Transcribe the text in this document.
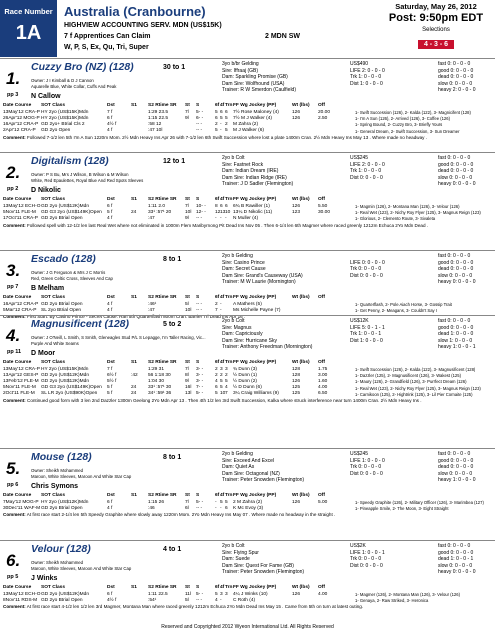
Race Number
1A
Australia (Cranbourne)
HIGHVIEW ACCOUNTING SERV. MDN (US$15K)
7 f Apprentices Can Claim	2 MDN SW
W, P, S, Ex, Qu, Tri, Super
Saturday, May 26, 2012
Post: 9:50pm EDT
Selections
4 - 3 - 6
1.
pp 3
Cuzzy Bro (NZ) (128)	30 to 1
Owner: J I Kimball & D J Cannon
Aquarelle Blue, White Collar, Cuffs And Peak
N Callow
3yo b/br Gelding
Sire: Iffraaj (GB)
Dam: Sparkling Promise (GB)
Dam Sire: Wolfhound (USA)
Trainer: R W Smerdon (Caulfield)
US$490
LIFE 2: 0 - 0 - 0
Trk 1: 0 - 0 - 0
Dist 1: 0 - 0 - 0
fast 0: 0 - 0 - 0
good 0: 0 - 0 - 0
dead 0: 0 - 0 - 0
slow 0: 0 - 0 - 0
heavy 2: 0 - 0 - 0
Date Course SOT Class	Dst	S1 S2 Rtime SR St S	6f 4f Trn FF Wg Jockey (PP)	Wt (lbs) Off
13May'12 CRA-P HY 2yo (US$15K)Mdn	7 f	1:29 23.5	7l 5- - 5 6 6 7½ Rose Maloney (4)	126	20.00	1- Swift Succession (126), 2- Kalda (122), 3- Magnicifent (128)
26Apr'12 MOG-P HY 2yo (US$15K)Mdn	6 f	1:15 22.5	9l 6- - 6 5 5 7½ M J Walker (4)	126	2.50	1- I'm A Sun (126), 2- Arrived (126), 3- Coffee (126)
16Apr'12 CRA-P GD 2yo+ Btrial Cls 2	4½ f	:58 12	-- -	2 - 2 M Zahra (2)	1- Spring Bound, 2- Cuzzy Bro, 3- Briefly Yours
2Apr'12 CRA-P GD 2yo Open	4 f	:47 10l	-- -	5 - 5 M J Walker (6)	1- General Dream, 2- Swift Succession, 3- Sun Dreamer
Comment: Followed 7-1/2 len 5th I'm A Sun 1220m Mom. 2½ Mdn Heavy Ins Apr 26 with 7-1/2 len 6th Swift Succession where lost a plate 1400m Cran. 2½ Mdn Heavy Ins May 13 . Where made no headway .
2.
pp 2
Digitalism (128)	12 to 1
Owner: P S Bu, Mrs J Wilson, B Wilson & M Wilson
White, Red Epaulettes, Royal Blue And Red Spots Sleeves
D Nikolic
2yo b Colt
Sire: Fastnet Rock
Dam: Indian Dream (IRE)
Dam Sire: Indian Ridge (IRE)
Trainer: J D Sadler (Flemington)
US$245
LIFE 2: 0 - 0 - 0
Trk 1: 0 - 0 - 0
Dist 0: 0 - 0 - 0
fast 0: 0 - 0 - 0
good 0: 0 - 0 - 0
dead 0: 0 - 0 - 0
slow 0: 0 - 0 - 0
heavy 0: 0 - 0 - 0
Date Course SOT Class	Dst	S1 S2 Rtime SR St S	6f 4f Trn FF Wg Jockey (PP)	Wt (lbs) Off
13May'12 ECH-O GD 2yo (US$12K)Mdn	6 f	1:11 2.0	7l 10- - 8 6 6 6¾ B Rawiller (1)	126	5.50	1- Magmin (126), 2- Montana Man (126), 3- Velour (126)
5Nov'11 FLE-M GD G3 2yo (US$149K)Open 5 f	24 33¹ :57¹ 20	10l 12- - 12 13 10 13¼ D Nikolic (11)	123	30.00	1- Real Wet (123), 2- Nichy Roy Flyer (125), 3- Magnus Reign (123)
17Oct'11 CRA-P GD 2yo Btrial Open	4 f	:47	9l -- -	- - - N Muller (4)	1- Glorious, 2- Clemento Route, 3- Sivaleta
Comment: Followed spell with 12-1/2 len last Real Wet where not eliminated in 1000m Flem Maribyrnong Pit Dead Ins Nov 05 . Then 6-1/4 len 6th Magmer where raced greenly 1212m Echuca 2Yo Mdn Dead .
3.
pp 7
Escado (128)	8 to 1
Owner: J G Ferguson & Mrs J C Morris
Red, Green Celtic Cross, Sleeves And Cap
B Melham
2yo b Gelding
Sire: Casino Prince
Dam: Secret Cause
Dam Sire: Grand's Causeway (USA)
Trainer: M W Laurie (Mornington)
LIFE 0: 0 - 0 - 0
Trk 0: 0 - 0 - 0
Dist 0: 0 - 0 - 0
fast 0: 0 - 0 - 0
good 0: 0 - 0 - 0
dead 0: 0 - 0 - 0
slow 0: 0 - 0 - 0
heavy 0: 0 - 0 - 0
Date Course SOT Class	Dst	S1 S2 Rtime SR St S	6f 4f Trn FF Wg Jockey (PP)	Wt (lbs) Off
16Apr'12 CRA-P GD 2yo Btrial Open	4 f	:46¹	5l -- -	2 - A Mathers (5)	1- Quarterflash, 2- Pole Aiach Horse, 3- Gossip Trait
5Mar'12 CRA-P SL 2yo Btrial Open	4 f	:47	10l -- -	7 - Ms Michelle Payne (7)	1- Get Penny, 2- Meagans, 3- Couldn't Say I
Comment: First Start. By Casino Prince - Secret Cause. Ran 5th Quarterflash 800m Cran. Barrier Trl Dead Ins Apr 16 .
4.
pp 11
Magnusificent (128)	5 to 2
Owner: J O'Neill, L Smith, S Smith, Gleneagles Stud P/L S Lepagge, I'm Taller Racing, Vic...
Purple And White Seams
D Moor
2yo b Colt
Sire: Magnus
Dam: Capriciously
Dam Sire: Hurricane Sky
Trainer: Anthony Freedman (Mornington)
US$12K
LIFE 5: 0 - 1 - 1
Trk 1: 0 - 0 - 1
Dist 1: 0 - 0 - 0
fast 0: 0 - 0 - 0
good 0: 0 - 0 - 0
dead 1: 0 - 0 - 0
slow 1: 0 - 0 - 0
heavy 1: 0 - 0 - 1
Date Course SOT Class	Dst	S1 S2 Rtime SR St S	6f 4f Trn FF Wg Jockey (PP)	Wt (lbs) Off
13May'12 CRA-P HY 2yo (US$15K)Mdn	7 f	1:29 31	7l 3- - 2 3 3 ¾ Dunn (3)	128	1.75	1- Swift Succession (126), 2- Kalda (122), 3- Magnusificent (128)
13Apr'12 GES-P GD 2yo (US$12K)Mdn	6½ f	:42 56 1:18 30	8l 3- - 2 2 2 ½ Dunn (1)	128	3.00	1- Dazzler (125), 2- Magnusificent (126), 3- Wakest (125)
13Feb'12 FLE-M GD 2yo (US$12K)Mdn	5½ f	1:04 30	9l 3- - 4 5 5 ½ Dunn (2)	126	1.60	1- Maury (126), 2- Grandfield (126), 3- Purrfect Dream (126)
5Nov'11 FLE-M GD G3 2yo (US$149K)Open 5 f	24 33¹ :57¹ 30	16l 7- - 6 5 4 ½ D Dunn (6)	125	4.00	1- Real Wet (123), 2- Nichy Roy Flyer (125), 3- Magnus Reign (123)
2Oct'11 FLE-M SL LR 2yo (US$90K)Open 5 f	24 34¹ :59¹ 36	13l 5- - 5 10 7 3¼ Craig Williams (9)	125	6.50	1- Carnikoon (125), 2- Hightrink (125), 3- Lil Pier Cornaite (125)
Comment: Continued good form with 3 len 2nd Dazzler 1300m Geelong 2Yo Mdn Apr 13 . Then 4th 1/2 len 3rd Swift Succession, Kalka where struck interference near turn 1400m Cran. 2½ Mdn Heavy Ins .
5.
pp 6
Mouse (128)	8 to 1
Owner: Sheikh Mohammed
Maroon, White Sleeves, Maroon And White Star Cap
Chris Symons
2yo b Gelding
Sire: Exceed And Excel
Dam: Quiet As
Dam Sire: Octagonal (NZ)
Trainer: Peter Snowden (Flemington)
US$245
LIFE 1: 0 - 0 - 0
Trk 0: 0 - 0 - 0
Dist 0: 0 - 0 - 0
fast 0: 0 - 0 - 0
good 0: 0 - 0 - 0
dead 0: 0 - 0 - 0
slow 0: 0 - 0 - 0
heavy 1: 0 - 0 - 0
Date Course SOT Class	Dst	S1 S2 Rtime SR St S	6f 4f Trn FF Wg Jockey (PP)	Wt (lbs) Off
7May'12 MOG-P HY 2yo (US$12K)Mdn	6 f	1:15 26	7l 5- - - 5 5 2 M Zahra (2)	126	5.00	1- Speedy Graphite (126), 2- Military Officer (126), 3- Marimbea (127)
30Dec'11 WAF-M GD 2yo Btrial Open	4 f	:46	6l -- -	- - 6 K Mc Evoy (3)	1- Pineapple Smile, 2- The Moon, 3- Eight Straight
Comment: At first race start 2-1/4 len 5th Speedy Graphite where slowly away 1220m Mom. 2Yo Mdn Heavy Ins May 07 . Where made no headway in the straight .
6.
pp 5
Velour (128)	4 to 1
Owner: Sheikh Mohammed
Maroon, White Sleeves, Maroon And White Star Cap
J Winks
2yo b Colt
Sire: Flying Spur
Dam: Suede
Dam Sire: Quest For Fame (GB)
Trainer: Peter Snowden (Flemington)
US$2K
LIFE 1: 0 - 0 - 1
Trk 0: 0 - 0 - 0
Dist 0: 0 - 0 - 0
fast 0: 0 - 0 - 0
good 0: 0 - 0 - 0
dead 1: 0 - 0 - 1
slow 0: 0 - 0 - 0
heavy 0: 0 - 0 - 0
Date Course SOT Class	Dst	S1 S2 Rtime SR St S	6f 4f Trn FF Wg Jockey (PP)	Wt (lbs) Off
13May'12 ECH-O GD 2yo (US$12K)Mdn	6 f	1:11 22.5	11l 5- - 5 3 3 4¼ J Winks (10)	126	4.00	1- Magmer (126), 2- Montana Man (126), 3- Velour (126)
8Nov'11 RDS-M GD 2yo Btrial Open	4½ f	:54¹	5l -- -	4 - C Roth (4)	1- Genaya, 2- Raw Striked, 3- Heronica
Comment: At first race start 4-1/2 len 1/2 len 3rd Magmer, Montana Man where raced greenly 1212m Echuca 2Yo Mdn Dead Ins May 15 . Came from 5th on turn at latest outing.
Reserved and Copyrighted 2012 Wyeon International Ltd. All Rights Reserved
